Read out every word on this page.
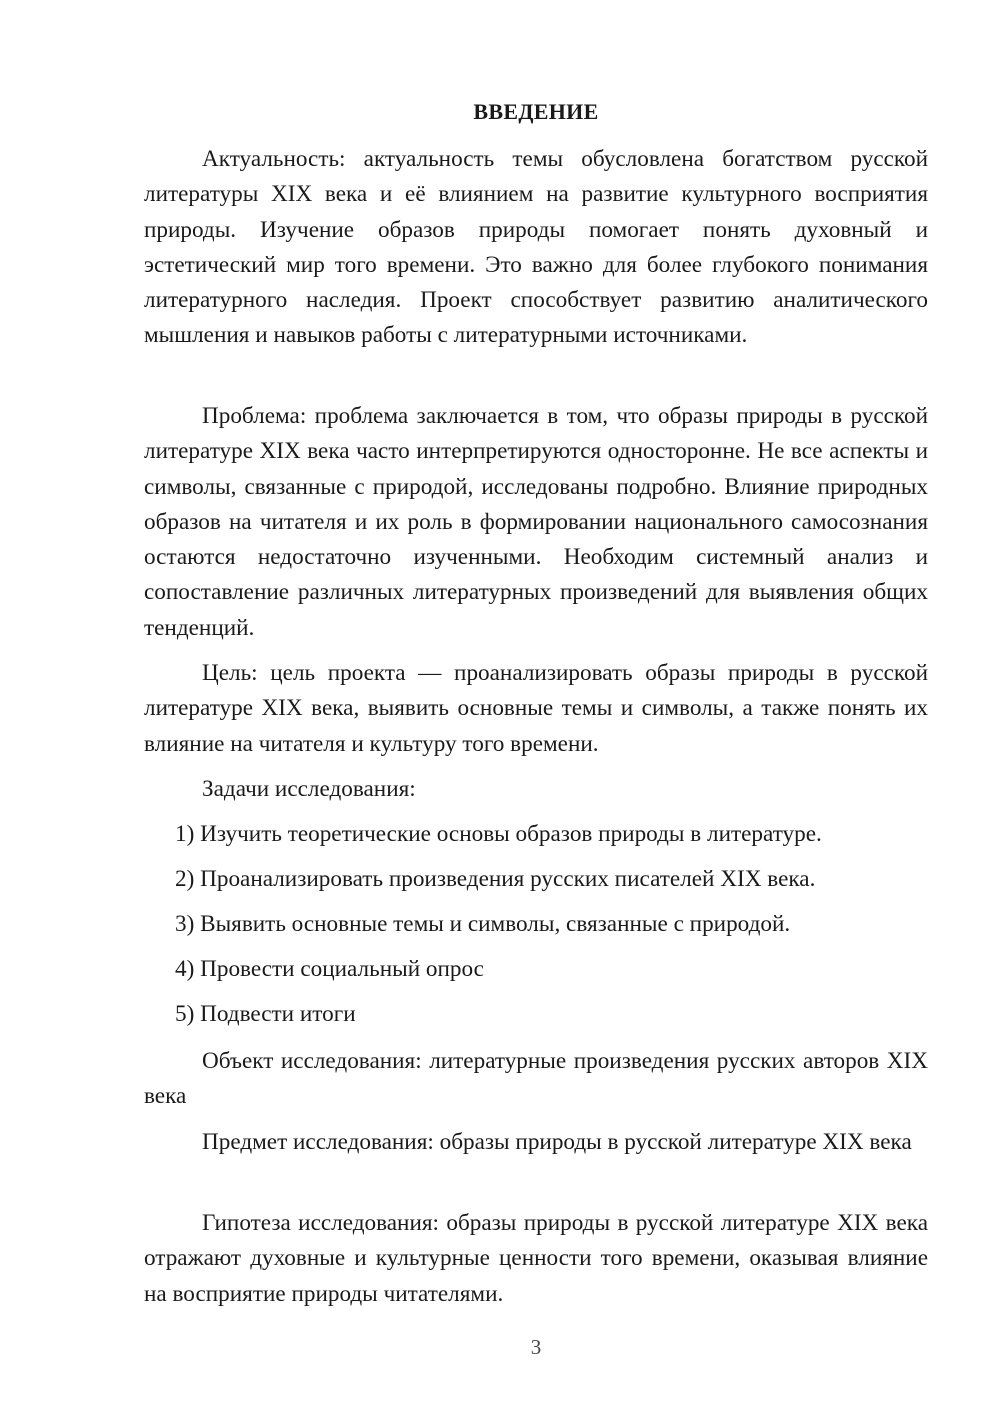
ВВЕДЕНИЕ

Актуальность: актуальность темы обусловлена богатством русской литературы XIX века и её влиянием на развитие культурного восприятия природы. Изучение образов природы помогает понять духовный и эстетический мир того времени. Это важно для более глубокого понимания литературного наследия. Проект способствует развитию аналитического мышления и навыков работы с литературными источниками.

Проблема: проблема заключается в том, что образы природы в русской литературе XIX века часто интерпретируются односторонне. Не все аспекты и символы, связанные с природой, исследованы подробно. Влияние природных образов на читателя и их роль в формировании национального самосознания остаются недостаточно изученными. Необходим системный анализ и сопоставление различных литературных произведений для выявления общих тенденций.

Цель: цель проекта — проанализировать образы природы в русской литературе XIX века, выявить основные темы и символы, а также понять их влияние на читателя и культуру того времени.

Задачи исследования:

1) Изучить теоретические основы образов природы в литературе.
2) Проанализировать произведения русских писателей XIX века.
3) Выявить основные темы и символы, связанные с природой.
4) Провести социальный опрос
5) Подвести итоги

Объект исследования: литературные произведения русских авторов XIX века

Предмет исследования: образы природы в русской литературе XIX века

Гипотеза исследования: образы природы в русской литературе XIX века отражают духовные и культурные ценности того времени, оказывая влияние на восприятие природы читателями.

3
